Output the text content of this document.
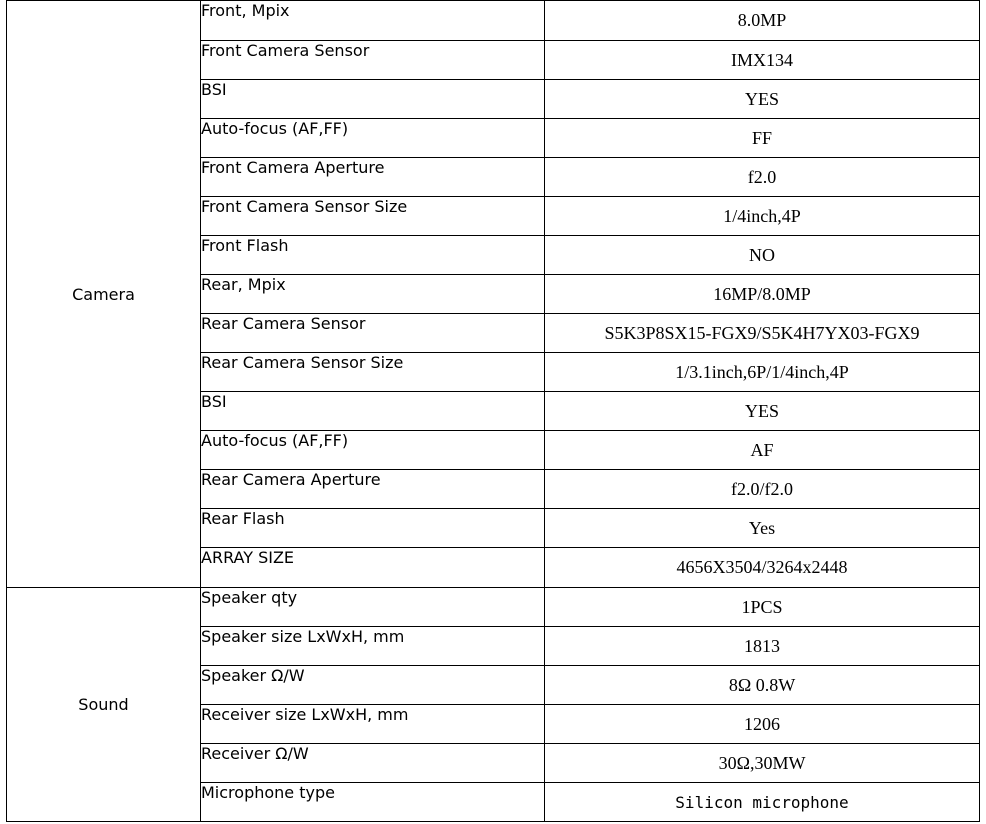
Camera	Front, Mpix	8.0MP
	Front Camera Sensor	IMX134
	BSI	YES
	Auto-focus (AF,FF)	FF
	Front Camera Aperture	f2.0
	Front Camera Sensor Size	1/4inch,4P
	Front Flash	NO
	Rear, Mpix	16MP/8.0MP
	Rear Camera Sensor	S5K3P8SX15-FGX9/S5K4H7YX03-FGX9
	Rear Camera Sensor Size	1/3.1inch,6P/1/4inch,4P
	BSI	YES
	Auto-focus (AF,FF)	AF
	Rear Camera Aperture	f2.0/f2.0
	Rear Flash	Yes
	ARRAY SIZE	4656X3504/3264x2448
Sound	Speaker qty	1PCS
	Speaker size LxWxH, mm	1813
	Speaker Ω/W	8Ω 0.8W
	Receiver size LxWxH, mm	1206
	Receiver Ω/W	30Ω,30MW
	Microphone type	Silicon microphone
